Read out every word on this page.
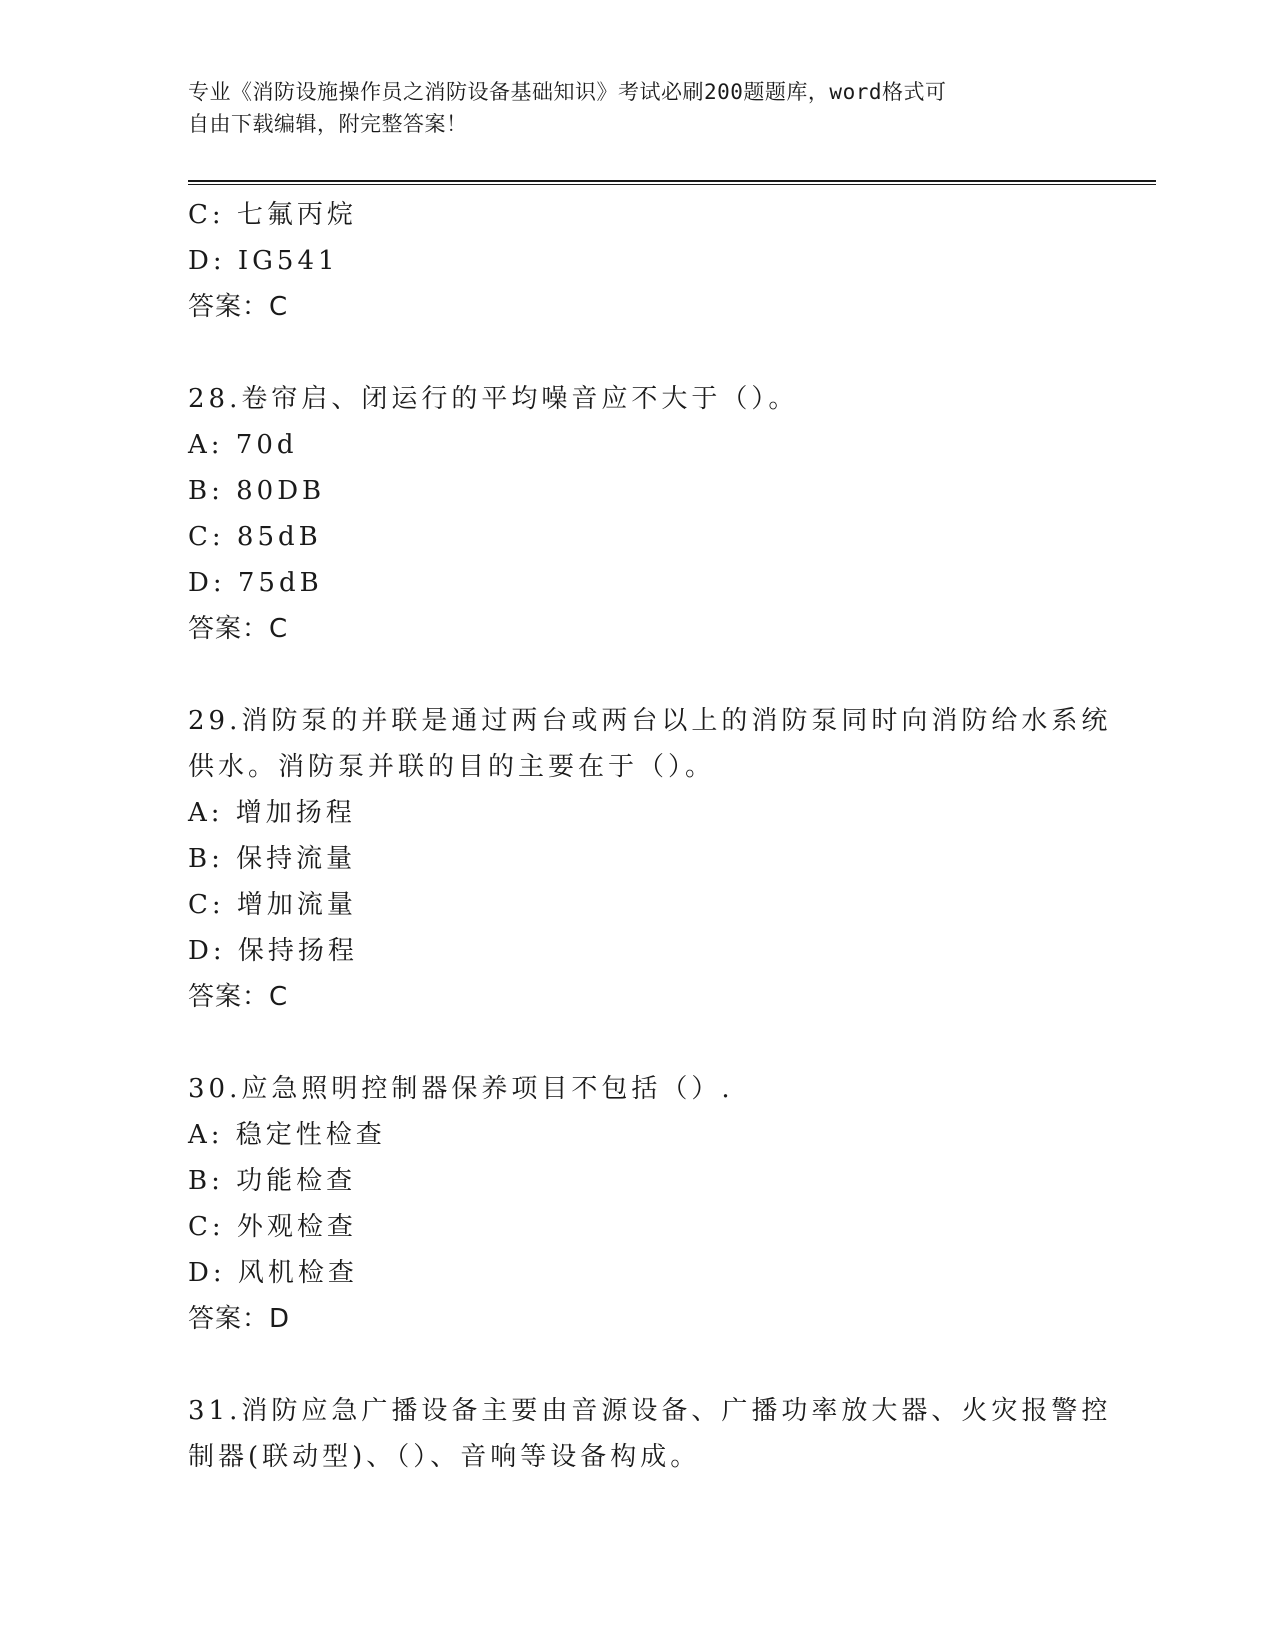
专业《消防设施操作员之消防设备基础知识》考试必刷200题题库，word格式可
自由下载编辑，附完整答案！
C: 七氟丙烷
D: IG541
答案：C
28.卷帘启、闭运行的平均噪音应不大于（）。
A: 70d
B: 80DB
C: 85dB
D: 75dB
答案：C
29.消防泵的并联是通过两台或两台以上的消防泵同时向消防给水系统
供水。消防泵并联的目的主要在于（）。
A: 增加扬程
B: 保持流量
C: 增加流量
D: 保持扬程
答案：C
30.应急照明控制器保养项目不包括（）.
A: 稳定性检查
B: 功能检查
C: 外观检查
D: 风机检查
答案：D
31.消防应急广播设备主要由音源设备、广播功率放大器、火灾报警控
制器(联动型)、（）、音响等设备构成。
